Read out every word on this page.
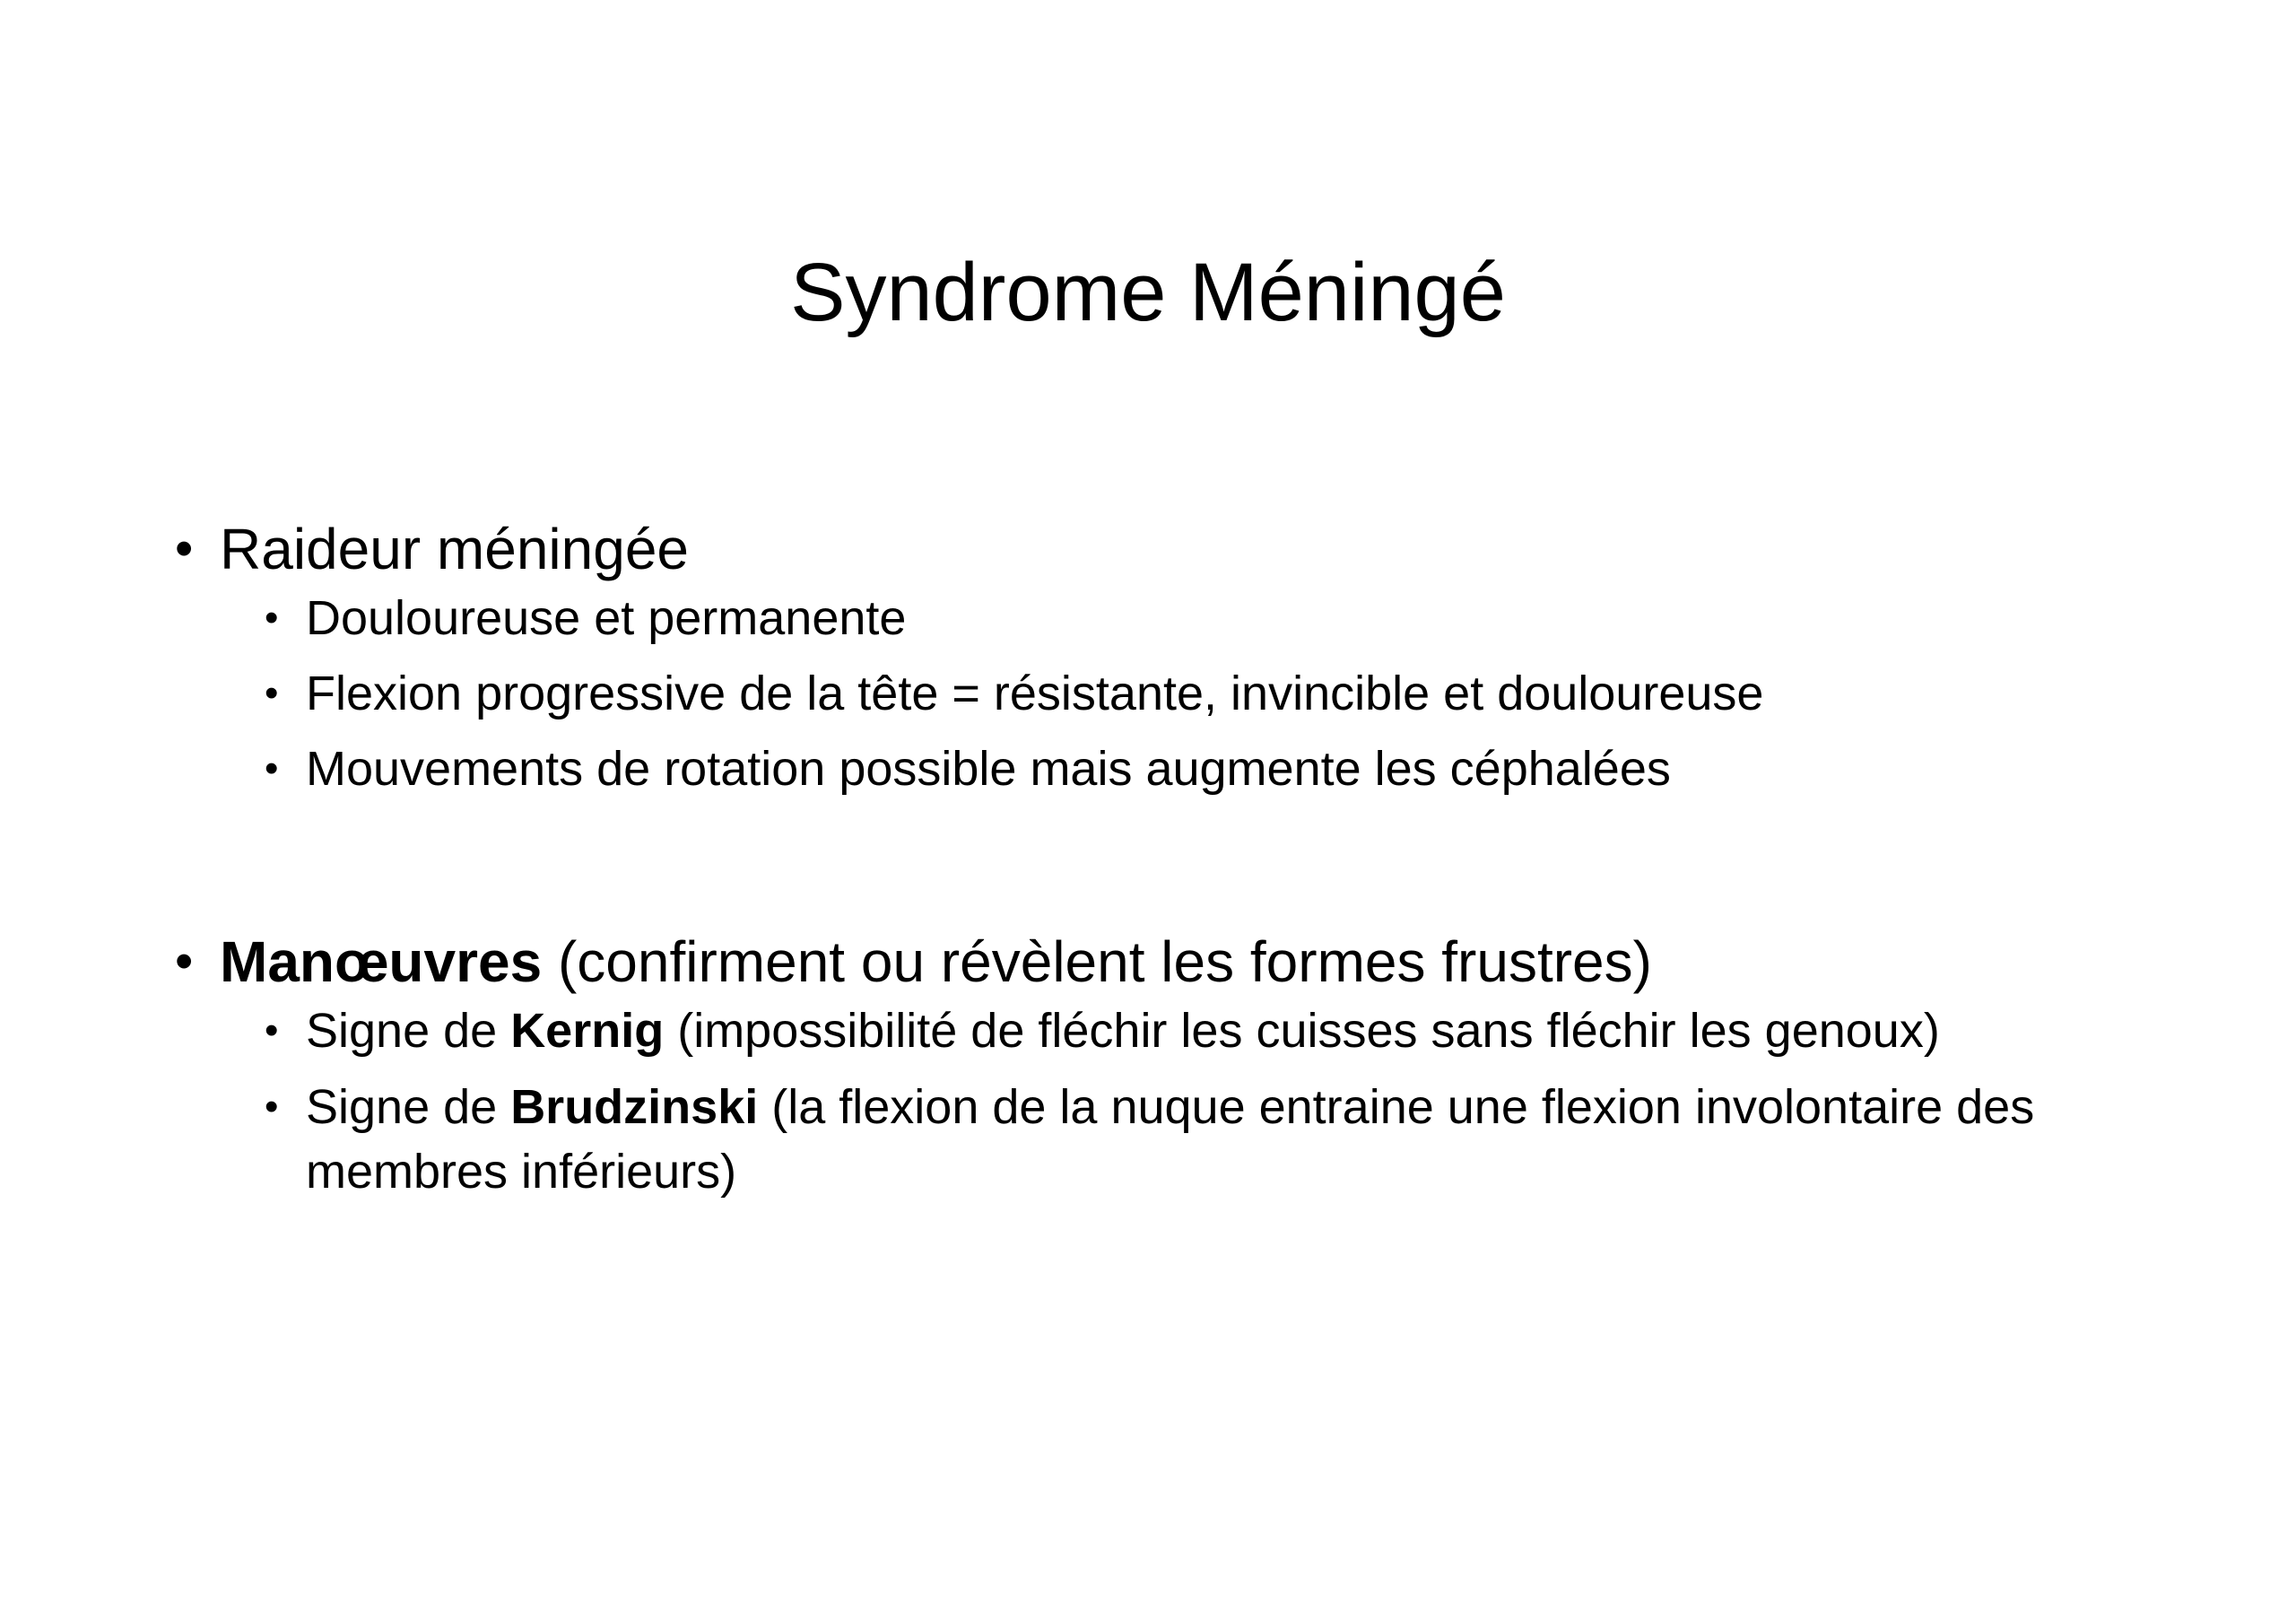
Syndrome Méningé
• Raideur méningée
• Douloureuse et permanente
• Flexion progressive de la tête = résistante, invincible et douloureuse
• Mouvements de rotation possible mais augmente les céphalées
• Manœuvres (confirment ou révèlent les formes frustres)
• Signe de Kernig (impossibilité de fléchir les cuisses sans fléchir les genoux)
• Signe de Brudzinski (la flexion de la nuque entraine une flexion involontaire des membres inférieurs)
